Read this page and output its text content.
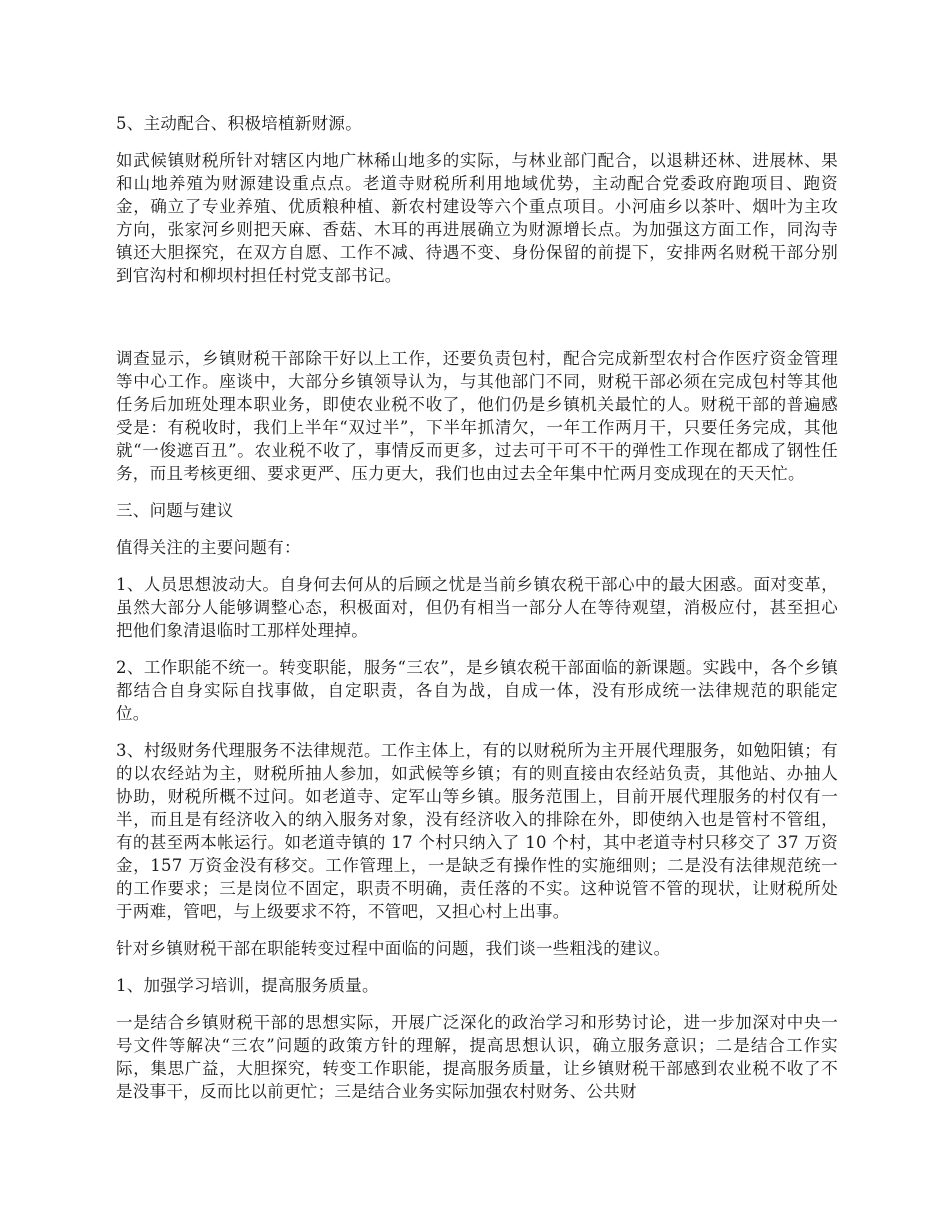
5、主动配合、积极培植新财源。

如武候镇财税所针对辖区内地广林稀山地多的实际，与林业部门配合，以退耕还林、进展林、果和山地养殖为财源建设重点点。老道寺财税所利用地域优势，主动配合党委政府跑项目、跑资金，确立了专业养殖、优质粮种植、新农村建设等六个重点项目。小河庙乡以茶叶、烟叶为主攻方向，张家河乡则把天麻、香菇、木耳的再进展确立为财源增长点。为加强这方面工作，同沟寺镇还大胆探究，在双方自愿、工作不减、待遇不变、身份保留的前提下，安排两名财税干部分别到官沟村和柳坝村担任村党支部书记。

调查显示，乡镇财税干部除干好以上工作，还要负责包村，配合完成新型农村合作医疗资金管理等中心工作。座谈中，大部分乡镇领导认为，与其他部门不同，财税干部必须在完成包村等其他任务后加班处理本职业务，即使农业税不收了，他们仍是乡镇机关最忙的人。财税干部的普遍感受是：有税收时，我们上半年“双过半”，下半年抓清欠，一年工作两月干，只要任务完成，其他就“一俊遮百丑”。农业税不收了，事情反而更多，过去可干可不干的弹性工作现在都成了钢性任务，而且考核更细、要求更严、压力更大，我们也由过去全年集中忙两月变成现在的天天忙。

三、问题与建议

值得关注的主要问题有：

1、人员思想波动大。自身何去何从的后顾之忧是当前乡镇农税干部心中的最大困惑。面对变革，虽然大部分人能够调整心态，积极面对，但仍有相当一部分人在等待观望，消极应付，甚至担心把他们象清退临时工那样处理掉。

2、工作职能不统一。转变职能，服务“三农”，是乡镇农税干部面临的新课题。实践中，各个乡镇都结合自身实际自找事做，自定职责，各自为战，自成一体，没有形成统一法律规范的职能定位。

3、村级财务代理服务不法律规范。工作主体上，有的以财税所为主开展代理服务，如勉阳镇；有的以农经站为主，财税所抽人参加，如武候等乡镇；有的则直接由农经站负责，其他站、办抽人协助，财税所概不过问。如老道寺、定军山等乡镇。服务范围上，目前开展代理服务的村仅有一半，而且是有经济收入的纳入服务对象，没有经济收入的排除在外，即使纳入也是管村不管组，有的甚至两本帐运行。如老道寺镇的 17 个村只纳入了 10 个村，其中老道寺村只移交了 37 万资金，157 万资金没有移交。工作管理上，一是缺乏有操作性的实施细则；二是没有法律规范统一的工作要求；三是岗位不固定，职责不明确，责任落的不实。这种说管不管的现状，让财税所处于两难，管吧，与上级要求不符，不管吧，又担心村上出事。

针对乡镇财税干部在职能转变过程中面临的问题，我们谈一些粗浅的建议。

1、加强学习培训，提高服务质量。

一是结合乡镇财税干部的思想实际，开展广泛深化的政治学习和形势讨论，进一步加深对中央一号文件等解决“三农”问题的政策方针的理解，提高思想认识，确立服务意识；二是结合工作实际，集思广益，大胆探究，转变工作职能，提高服务质量，让乡镇财税干部感到农业税不收了不是没事干，反而比以前更忙；三是结合业务实际加强农村财务、公共财
